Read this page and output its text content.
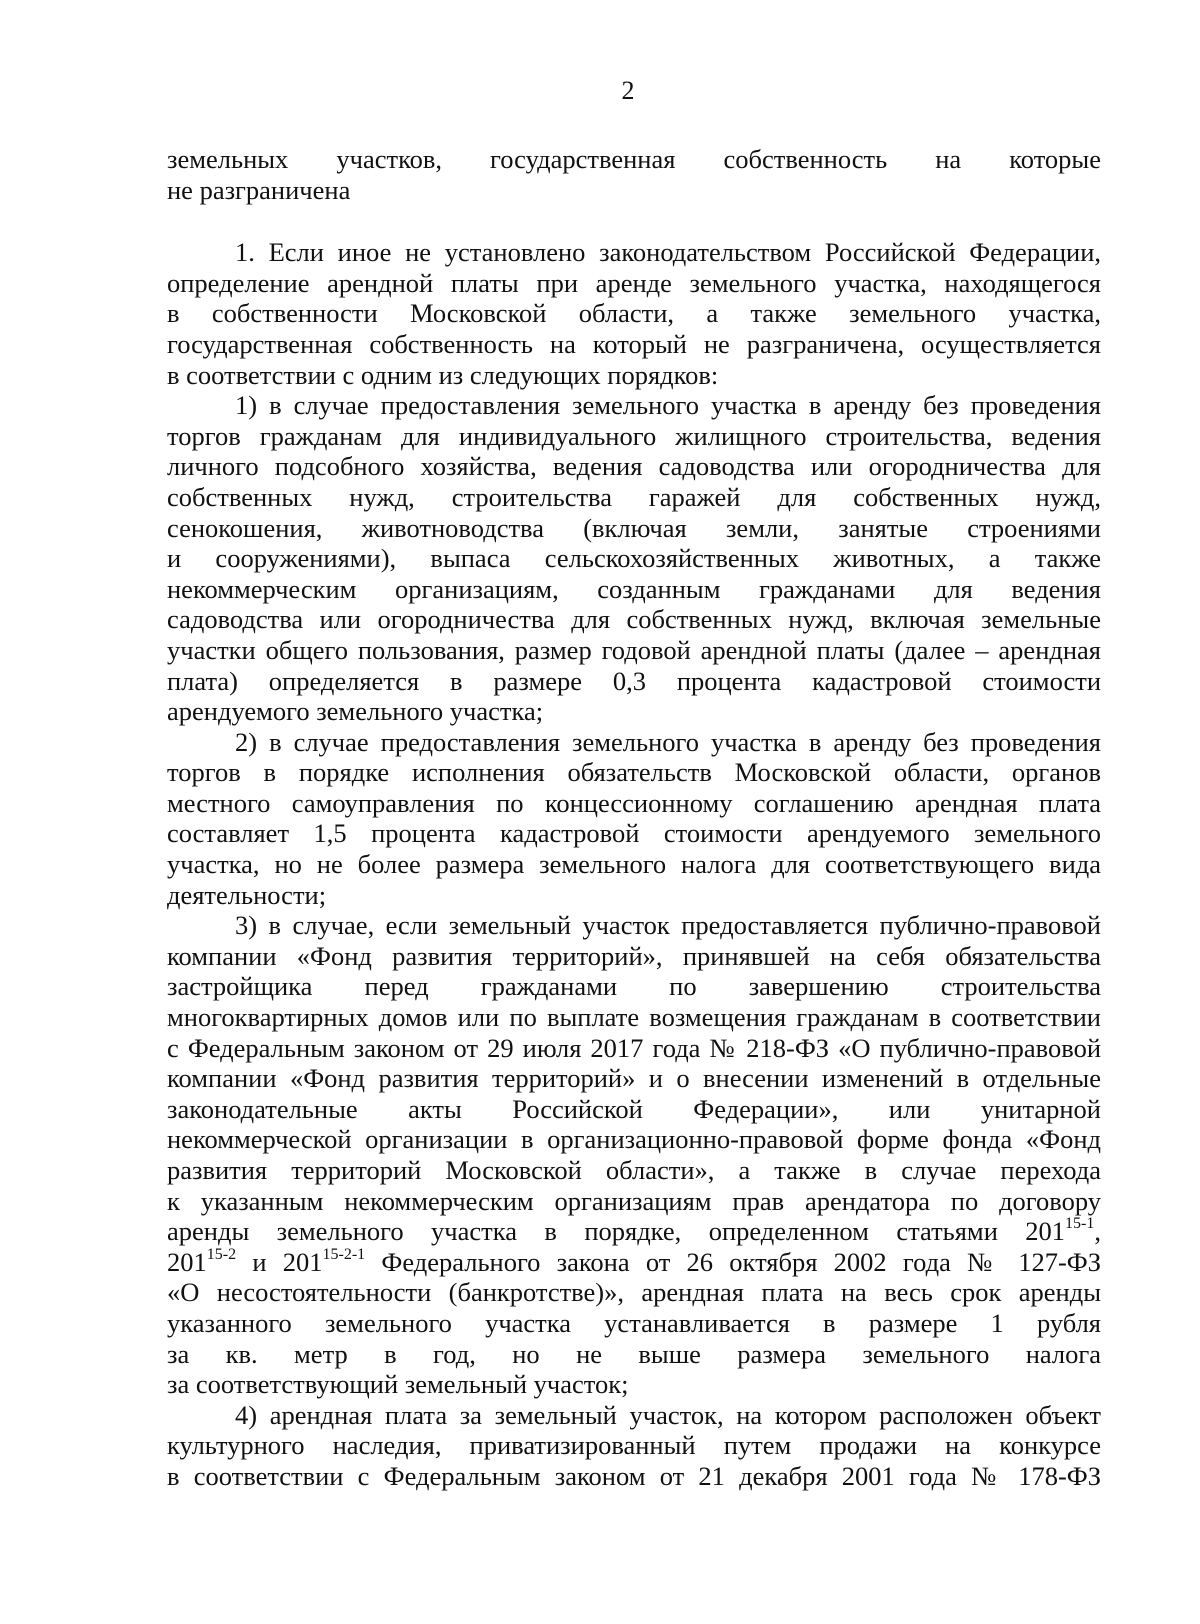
2
земельных участков, государственная собственность на которые
не разграничена
1. Если иное не установлено законодательством Российской Федерации,
определение арендной платы при аренде земельного участка, находящегося
в собственности Московской области, а также земельного участка,
государственная собственность на который не разграничена, осуществляется
в соответствии с одним из следующих порядков:
1) в случае предоставления земельного участка в аренду без проведения
торгов гражданам для индивидуального жилищного строительства, ведения
личного подсобного хозяйства, ведения садоводства или огородничества для
собственных нужд, строительства гаражей для собственных нужд,
сенокошения, животноводства (включая земли, занятые строениями
и сооружениями), выпаса сельскохозяйственных животных, а также
некоммерческим организациям, созданным гражданами для ведения
садоводства или огородничества для собственных нужд, включая земельные
участки общего пользования, размер годовой арендной платы (далее – арендная
плата) определяется в размере 0,3 процента кадастровой стоимости
арендуемого земельного участка;
2) в случае предоставления земельного участка в аренду без проведения
торгов в порядке исполнения обязательств Московской области, органов
местного самоуправления по концессионному соглашению арендная плата
составляет 1,5 процента кадастровой стоимости арендуемого земельного
участка, но не более размера земельного налога для соответствующего вида
деятельности;
3) в случае, если земельный участок предоставляется публично-правовой
компании «Фонд развития территорий», принявшей на себя обязательства
застройщика перед гражданами по завершению строительства
многоквартирных домов или по выплате возмещения гражданам в соответствии
с Федеральным законом от 29 июля 2017 года № 218-ФЗ «О публично-правовой
компании «Фонд развития территорий» и о внесении изменений в отдельные
законодательные акты Российской Федерации», или унитарной
некоммерческой организации в организационно-правовой форме фонда «Фонд
развития территорий Московской области», а также в случае перехода
к указанным некоммерческим организациям прав арендатора по договору
аренды земельного участка в порядке, определенном статьями 201$^{15-1}$,
201$^{15-2}$ и 201$^{15-2-1}$ Федерального закона от 26 октября 2002 года № 127-ФЗ
«О несостоятельности (банкротстве)», арендная плата на весь срок аренды
указанного земельного участка устанавливается в размере 1 рубля
за кв. метр в год, но не выше размера земельного налога
за соответствующий земельный участок;
4) арендная плата за земельный участок, на котором расположен объект
культурного наследия, приватизированный путем продажи на конкурсе
в соответствии с Федеральным законом от 21 декабря 2001 года № 178-ФЗ
